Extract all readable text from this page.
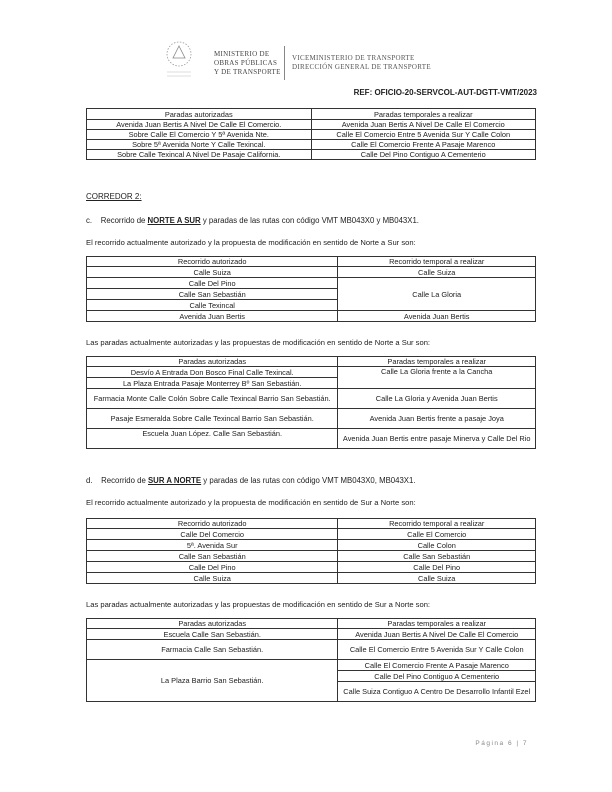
MINISTERIO DE
OBRAS PÚBLICAS
Y DE TRANSPORTE
VICEMINISTERIO DE TRANSPORTE
DIRECCIÓN GENERAL DE TRANSPORTE
REF: OFICIO-20-SERVCOL-AUT-DGTT-VMT/2023
Paradas autorizadas	Paradas temporales a realizar
Avenida Juan Bertis A Nivel De Calle El Comercio.	Avenida Juan Bertis A Nivel De Calle El Comercio
Sobre Calle El Comercio Y 5ª Avenida Nte.	Calle El Comercio Entre 5 Avenida Sur Y Calle Colon
Sobre 5ª Avenida Norte Y Calle Texincal.	Calle El Comercio Frente A Pasaje Marenco
Sobre Calle Texincal A Nivel De Pasaje California.	Calle Del Pino Contiguo A Cementerio
CORREDOR 2:
c.    Recorrido de NORTE A SUR y paradas de las rutas con código VMT MB043X0 y MB043X1.
El recorrido actualmente autorizado y la propuesta de modificación en sentido de Norte a Sur son:
Recorrido autorizado	Recorrido temporal a realizar
Calle Suiza	Calle Suiza
Calle Del Pino	Calle La Gloria
Calle San Sebastián	
Calle Texincal	
Avenida Juan Bertis	Avenida Juan Bertis
Las paradas actualmente autorizadas y las propuestas de modificación en sentido de Norte a Sur son:
Paradas autorizadas	Paradas temporales a realizar
Desvío A Entrada Don Bosco Final Calle Texincal.	Calle La Gloria frente a la Cancha
La Plaza Entrada Pasaje Monterrey Bº San Sebastián.	
Farmacia Monte Calle Colón Sobre Calle Texincal Barrio San Sebastián.	Calle La Gloria y Avenida Juan Bertis
Pasaje Esmeralda Sobre Calle Texincal Barrio San Sebastián.	Avenida Juan Bertis frente a pasaje Joya
Escuela Juan López. Calle San Sebastián.	Avenida Juan Bertis entre pasaje Minerva y Calle Del Rio
d.    Recorrido de SUR A NORTE y paradas de las rutas con código VMT MB043X0, MB043X1.
El recorrido actualmente autorizado y la propuesta de modificación en sentido de Sur a Norte son:
Recorrido autorizado	Recorrido temporal a realizar
Calle Del Comercio	Calle El Comercio
5ª. Avenida Sur	Calle Colon
Calle San Sebastián	Calle San Sebastián
Calle Del Pino	Calle Del Pino
Calle Suiza	Calle Suiza
Las paradas actualmente autorizadas y las propuestas de modificación en sentido de Sur a Norte son:
Paradas autorizadas	Paradas temporales a realizar
Escuela Calle San Sebastián.	Avenida Juan Bertis A Nivel De Calle El Comercio
Farmacia Calle San Sebastián.	Calle El Comercio Entre 5 Avenida Sur Y Calle Colon
La Plaza Barrio San Sebastián.	Calle El Comercio Frente A Pasaje Marenco
	Calle Del Pino Contiguo A Cementerio
	Calle Suiza Contiguo A Centro De Desarrollo Infantil Ezel
Página 6 | 7
